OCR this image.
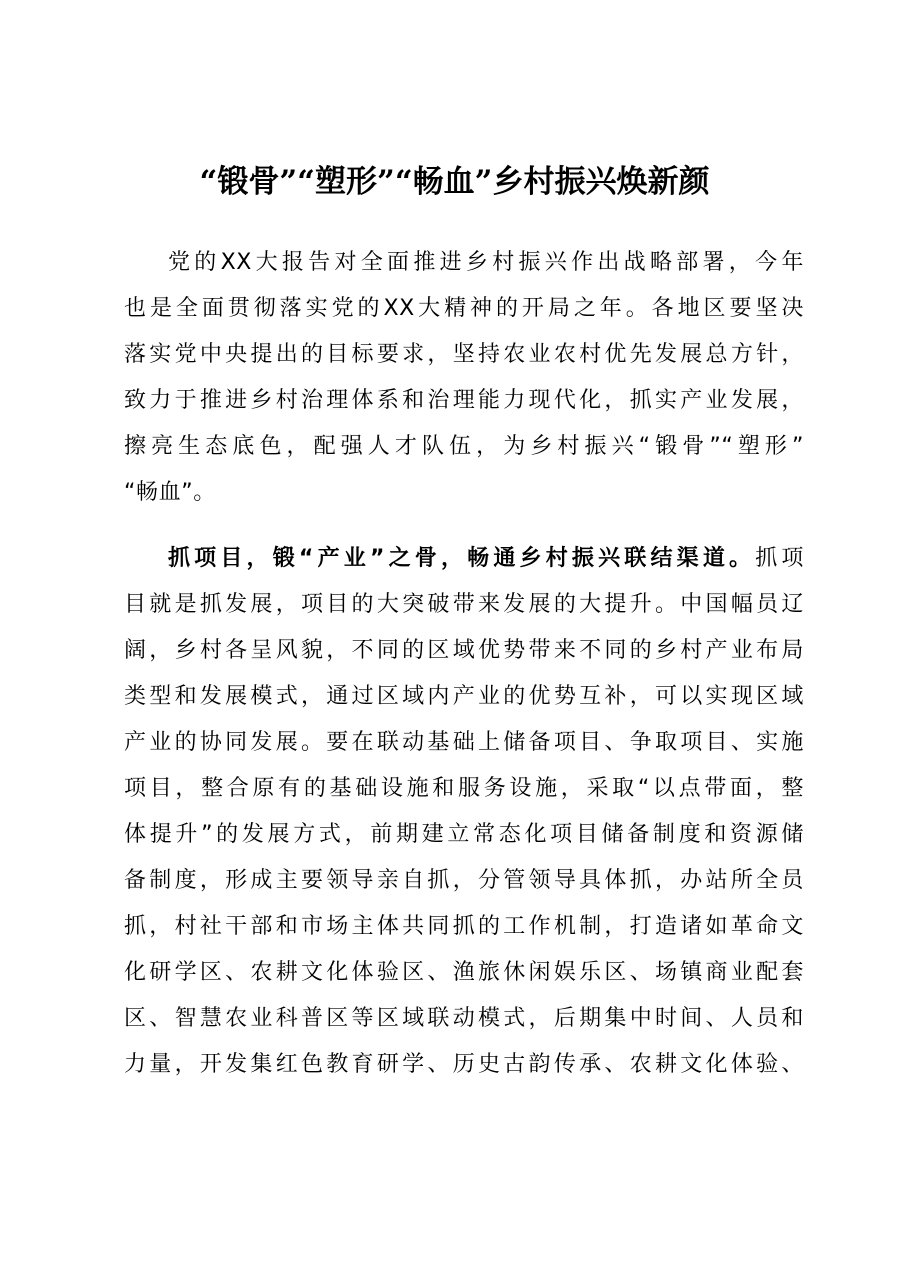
“锻骨”“塑形”“畅血”乡村振兴焕新颜
党的XX大报告对全面推进乡村振兴作出战略部署，今年
也是全面贯彻落实党的XX大精神的开局之年。各地区要坚决
落实党中央提出的目标要求，坚持农业农村优先发展总方针，
致力于推进乡村治理体系和治理能力现代化，抓实产业发展，
擦亮生态底色，配强人才队伍，为乡村振兴“锻骨”“塑形”
“畅血”。
抓项目，锻“产业”之骨，畅通乡村振兴联结渠道。抓项
目就是抓发展，项目的大突破带来发展的大提升。中国幅员辽
阔，乡村各呈风貌，不同的区域优势带来不同的乡村产业布局
类型和发展模式，通过区域内产业的优势互补，可以实现区域
产业的协同发展。要在联动基础上储备项目、争取项目、实施
项目，整合原有的基础设施和服务设施，采取“以点带面，整
体提升”的发展方式，前期建立常态化项目储备制度和资源储
备制度，形成主要领导亲自抓，分管领导具体抓，办站所全员
抓，村社干部和市场主体共同抓的工作机制，打造诸如革命文
化研学区、农耕文化体验区、渔旅休闲娱乐区、场镇商业配套
区、智慧农业科普区等区域联动模式，后期集中时间、人员和
力量，开发集红色教育研学、历史古韵传承、农耕文化体验、
